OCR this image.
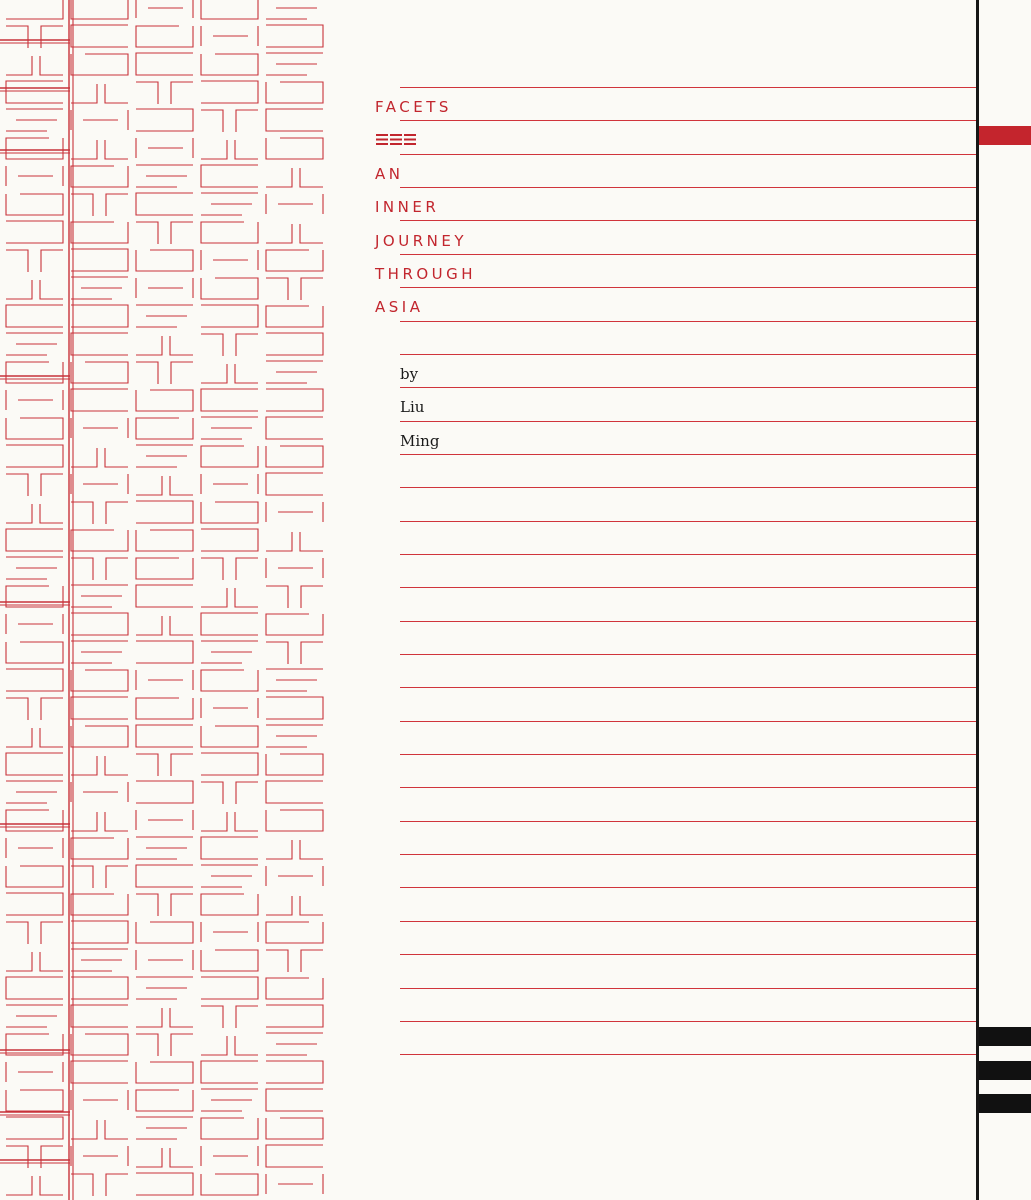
FACETS
AN
INNER
JOURNEY
THROUGH
ASIA
by
Liu
Ming
